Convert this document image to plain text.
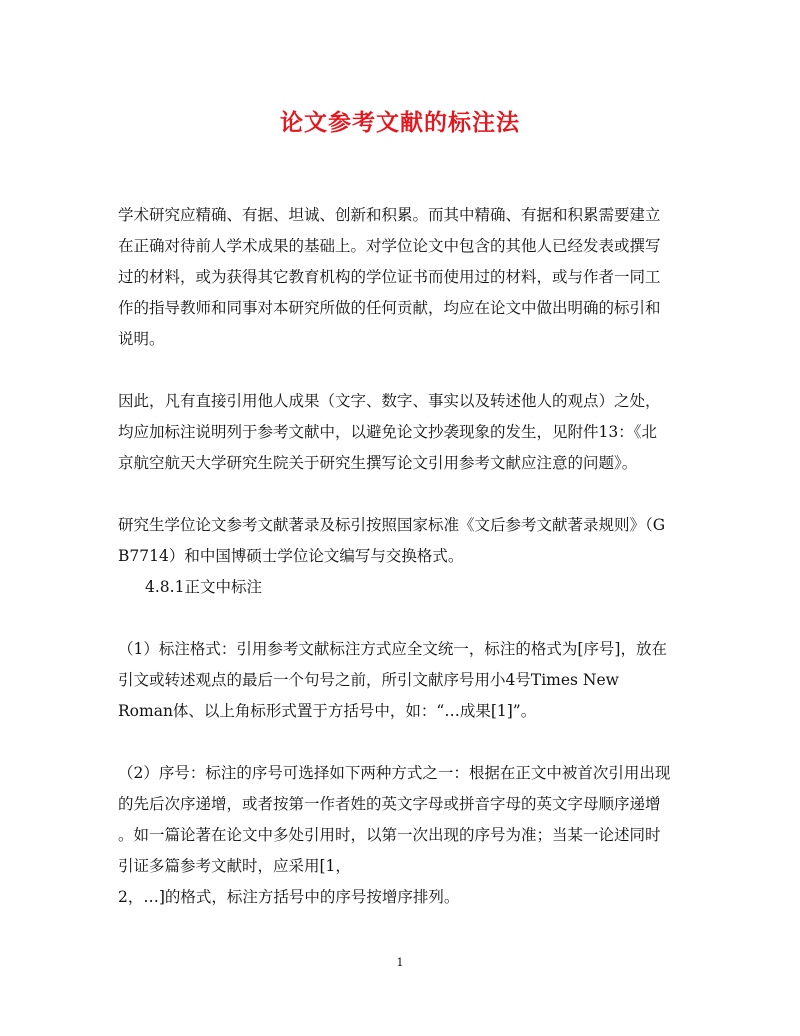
论文参考文献的标注法
学术研究应精确、有据、坦诚、创新和积累。而其中精确、有据和积累需要建立
在正确对待前人学术成果的基础上。对学位论文中包含的其他人已经发表或撰写
过的材料，或为获得其它教育机构的学位证书而使用过的材料，或与作者一同工
作的指导教师和同事对本研究所做的任何贡献，均应在论文中做出明确的标引和
说明。
因此，凡有直接引用他人成果（文字、数字、事实以及转述他人的观点）之处，
均应加标注说明列于参考文献中，以避免论文抄袭现象的发生，见附件13：《北
京航空航天大学研究生院关于研究生撰写论文引用参考文献应注意的问题》。
研究生学位论文参考文献著录及标引按照国家标准《文后参考文献著录规则》（G
B7714）和中国博硕士学位论文编写与交换格式。
4.8.1正文中标注
（1）标注格式：引用参考文献标注方式应全文统一，标注的格式为[序号]，放在
引文或转述观点的最后一个句号之前，所引文献序号用小4号Times New
Roman体、以上角标形式置于方括号中，如：“…成果[1]”。
（2）序号：标注的序号可选择如下两种方式之一：根据在正文中被首次引用出现
的先后次序递增，或者按第一作者姓的英文字母或拼音字母的英文字母顺序递增
。如一篇论著在论文中多处引用时，以第一次出现的序号为准；当某一论述同时
引证多篇参考文献时，应采用[1，
2，…]的格式，标注方括号中的序号按增序排列。
1
